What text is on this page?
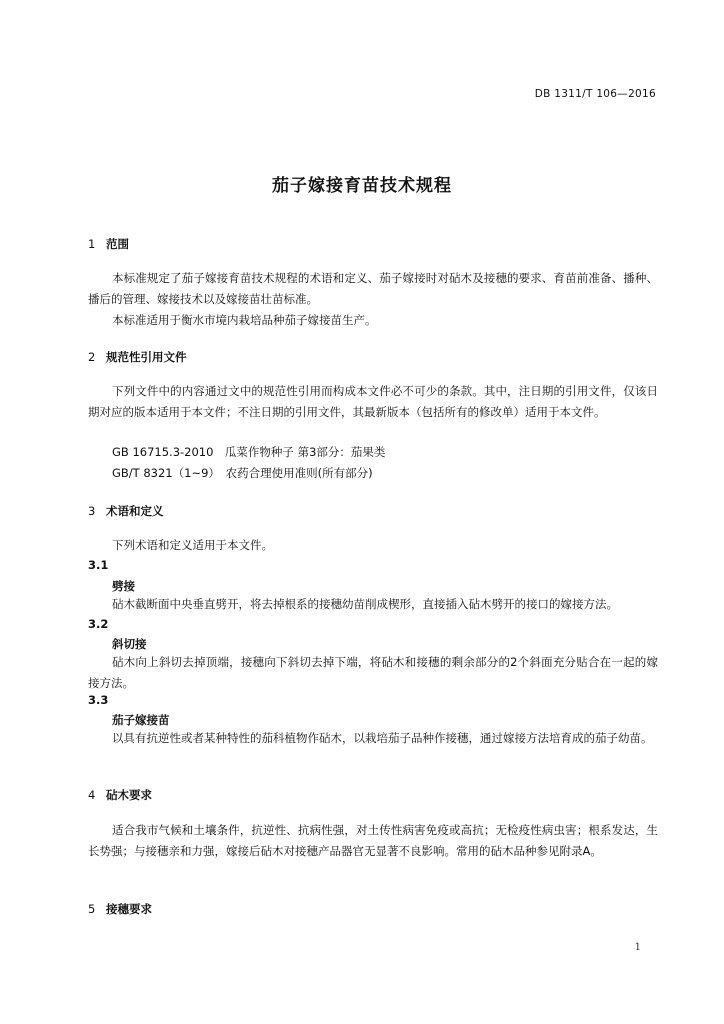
DB 1311/T 106—2016
茄子嫁接育苗技术规程
1 范围
本标准规定了茄子嫁接育苗技术规程的术语和定义、茄子嫁接时对砧木及接穗的要求、育苗前准备、播种、播后的管理、嫁接技术以及嫁接苗壮苗标准。
本标准适用于衡水市境内栽培品种茄子嫁接苗生产。
2 规范性引用文件
下列文件中的内容通过文中的规范性引用而构成本文件必不可少的条款。其中，注日期的引用文件，仅该日期对应的版本适用于本文件；不注日期的引用文件，其最新版本（包括所有的修改单）适用于本文件。
GB 16715.3-2010　瓜菜作物种子 第3部分：茄果类
GB/T 8321（1~9）　农药合理使用准则(所有部分)
3 术语和定义
下列术语和定义适用于本文件。
3.1
劈接
砧木截断面中央垂直劈开，将去掉根系的接穗幼苗削成楔形，直接插入砧木劈开的接口的嫁接方法。
3.2
斜切接
砧木向上斜切去掉顶端，接穗向下斜切去掉下端，将砧木和接穗的剩余部分的2个斜面充分贴合在一起的嫁接方法。
3.3
茄子嫁接苗
以具有抗逆性或者某种特性的茄科植物作砧木，以栽培茄子品种作接穗，通过嫁接方法培育成的茄子幼苗。
4 砧木要求
适合我市气候和土壤条件，抗逆性、抗病性强，对土传性病害免疫或高抗；无检疫性病虫害；根系发达，生长势强；与接穗亲和力强，嫁接后砧木对接穗产品器官无显著不良影响。常用的砧木品种参见附录A。
5 接穗要求
1
